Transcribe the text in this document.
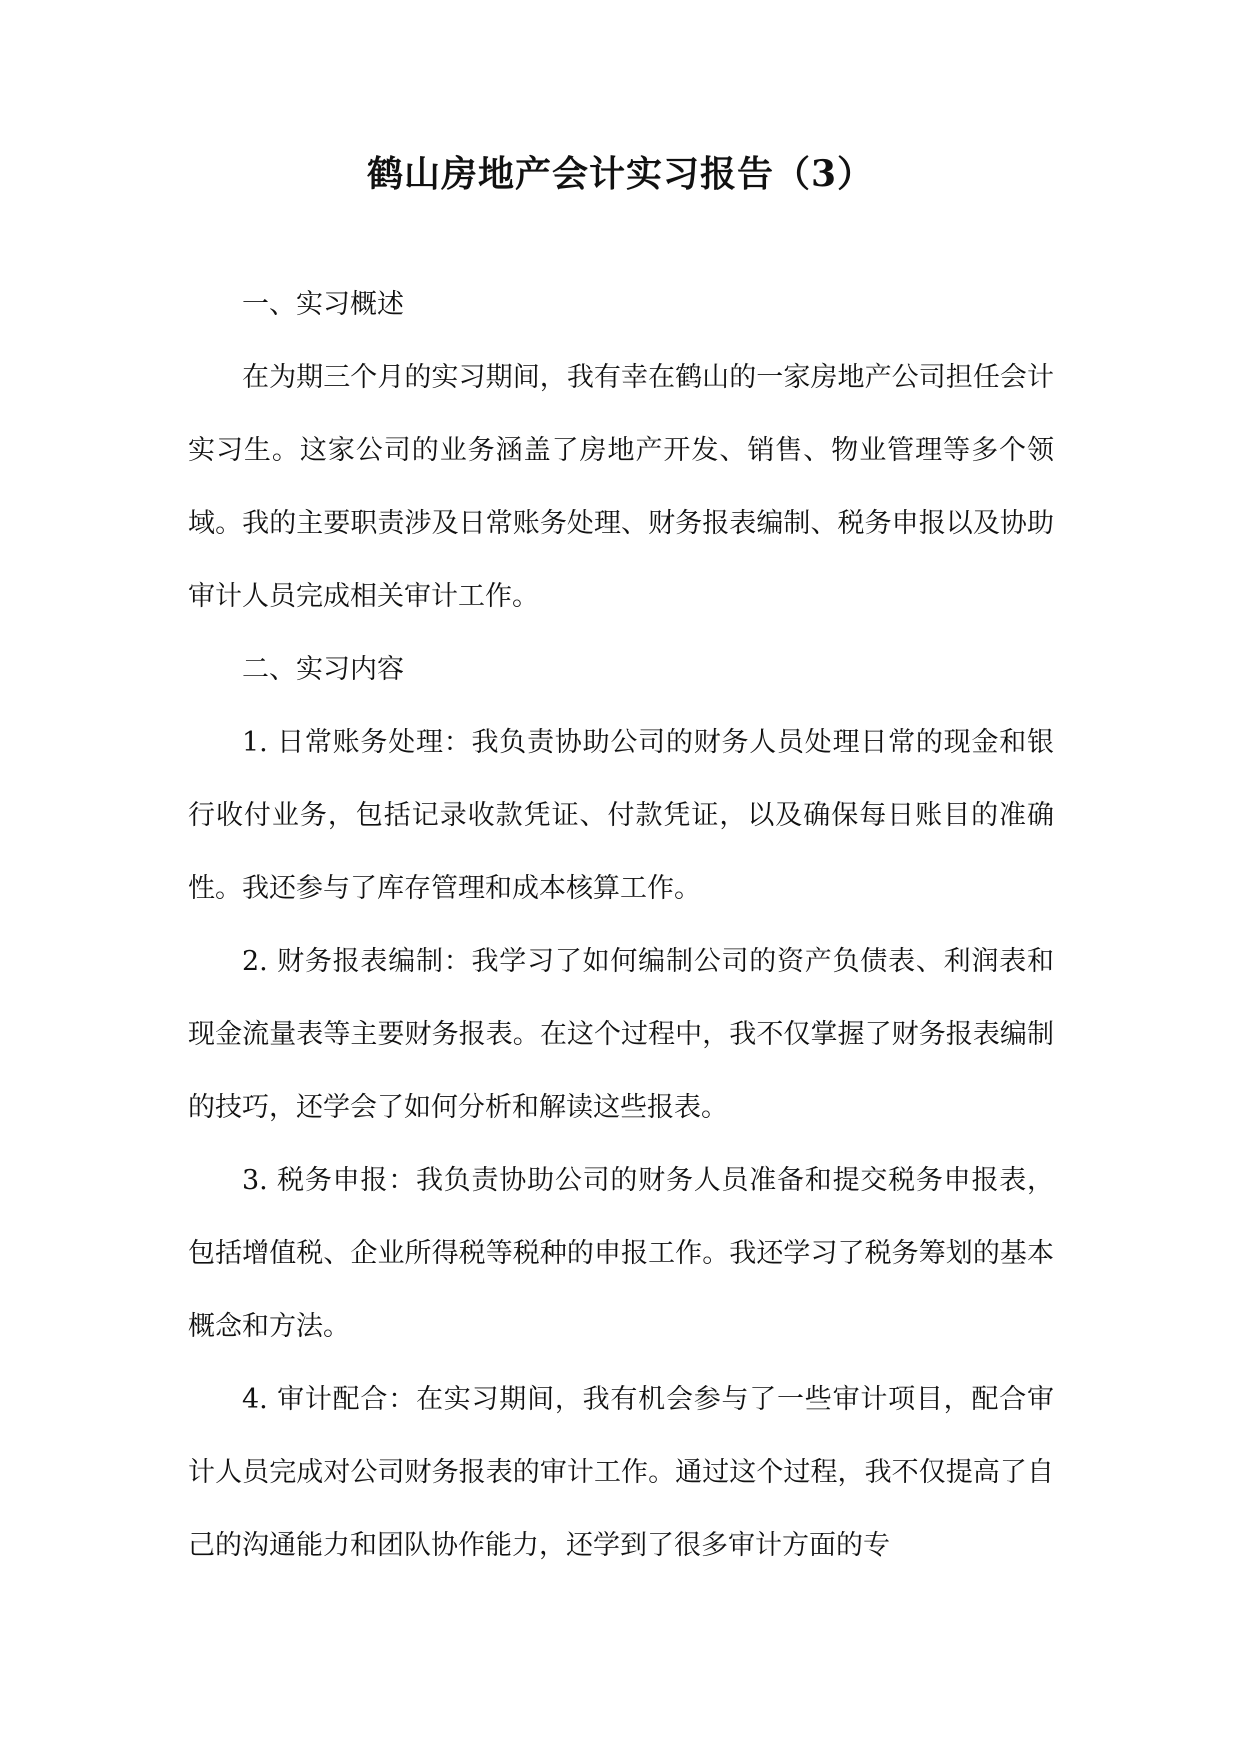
鹤山房地产会计实习报告（3）

一、实习概述

在为期三个月的实习期间，我有幸在鹤山的一家房地产公司担任会计实习生。这家公司的业务涵盖了房地产开发、销售、物业管理等多个领域。我的主要职责涉及日常账务处理、财务报表编制、税务申报以及协助审计人员完成相关审计工作。

二、实习内容

1. 日常账务处理：我负责协助公司的财务人员处理日常的现金和银行收付业务，包括记录收款凭证、付款凭证，以及确保每日账目的准确性。我还参与了库存管理和成本核算工作。

2. 财务报表编制：我学习了如何编制公司的资产负债表、利润表和现金流量表等主要财务报表。在这个过程中，我不仅掌握了财务报表编制的技巧，还学会了如何分析和解读这些报表。

3. 税务申报：我负责协助公司的财务人员准备和提交税务申报表，包括增值税、企业所得税等税种的申报工作。我还学习了税务筹划的基本概念和方法。

4. 审计配合：在实习期间，我有机会参与了一些审计项目，配合审计人员完成对公司财务报表的审计工作。通过这个过程，我不仅提高了自己的沟通能力和团队协作能力，还学到了很多审计方面的专
